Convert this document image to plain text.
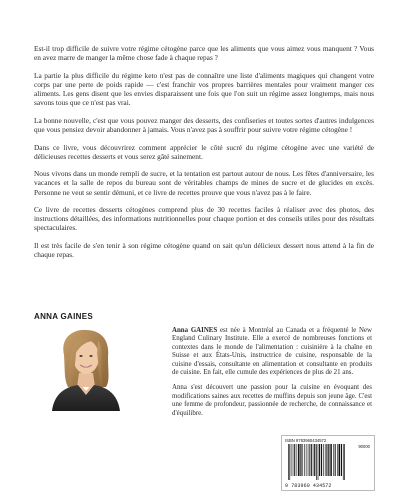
Est-il trop difficile de suivre votre régime cétogène parce que les aliments que vous aimez vous manquent ? Vous en avez marre de manger la même chose fade à chaque repas ?

La partie la plus difficile du régime keto n'est pas de connaître une liste d'aliments magiques qui changent votre corps par une perte de poids rapide — c'est franchir vos propres barrières mentales pour vraiment manger ces aliments. Les gens disent que les envies disparaissent une fois que l'on suit un régime assez longtemps, mais nous savons tous que ce n'est pas vrai.

La bonne nouvelle, c'est que vous pouvez manger des desserts, des confiseries et toutes sortes d'autres indulgences que vous pensiez devoir abandonner à jamais. Vous n'avez pas à souffrir pour suivre votre régime cétogène !

Dans ce livre, vous découvrirez comment apprécier le côté sucré du régime cétogène avec une variété de délicieuses recettes desserts et vous serez gâté sainement.

Nous vivons dans un monde rempli de sucre, et la tentation est partout autour de nous. Les fêtes d'anniversaire, les vacances et la salle de repos du bureau sont de véritables champs de mines de sucre et de glucides en excès. Personne ne veut se sentir démuni, et ce livre de recettes prouve que vous n'avez pas à le faire.

Ce livre de recettes desserts cétogènes comprend plus de 30 recettes faciles à réaliser avec des photos, des instructions détaillées, des informations nutritionnelles pour chaque portion et des conseils utiles pour des résultats spectaculaires.

Il est très facile de s'en tenir à son régime cétogène quand on sait qu'un délicieux dessert nous attend à la fin de chaque repas.

ANNA GAINES

Anna GAINES est née à Montréal au Canada et a fréquenté le New England Culinary Institute. Elle a exercé de nombreuses fonctions et contextes dans le monde de l'alimentation : cuisinière à la chaîne en Suisse et aux États-Unis, instructrice de cuisine, responsable de la cuisine d'essais, consultante en alimentation et consultante en produits de cuisine. En fait, elle cumule des expériences de plus de 21 ans.

Anna s'est découvert une passion pour la cuisine en évoquant des modifications saines aux recettes de muffins depuis son jeune âge. C'est une femme de profondeur, passionnée de recherche, de connaissance et d'équilibre.

ISBN 9783960434572
90000
9 783960 434572
